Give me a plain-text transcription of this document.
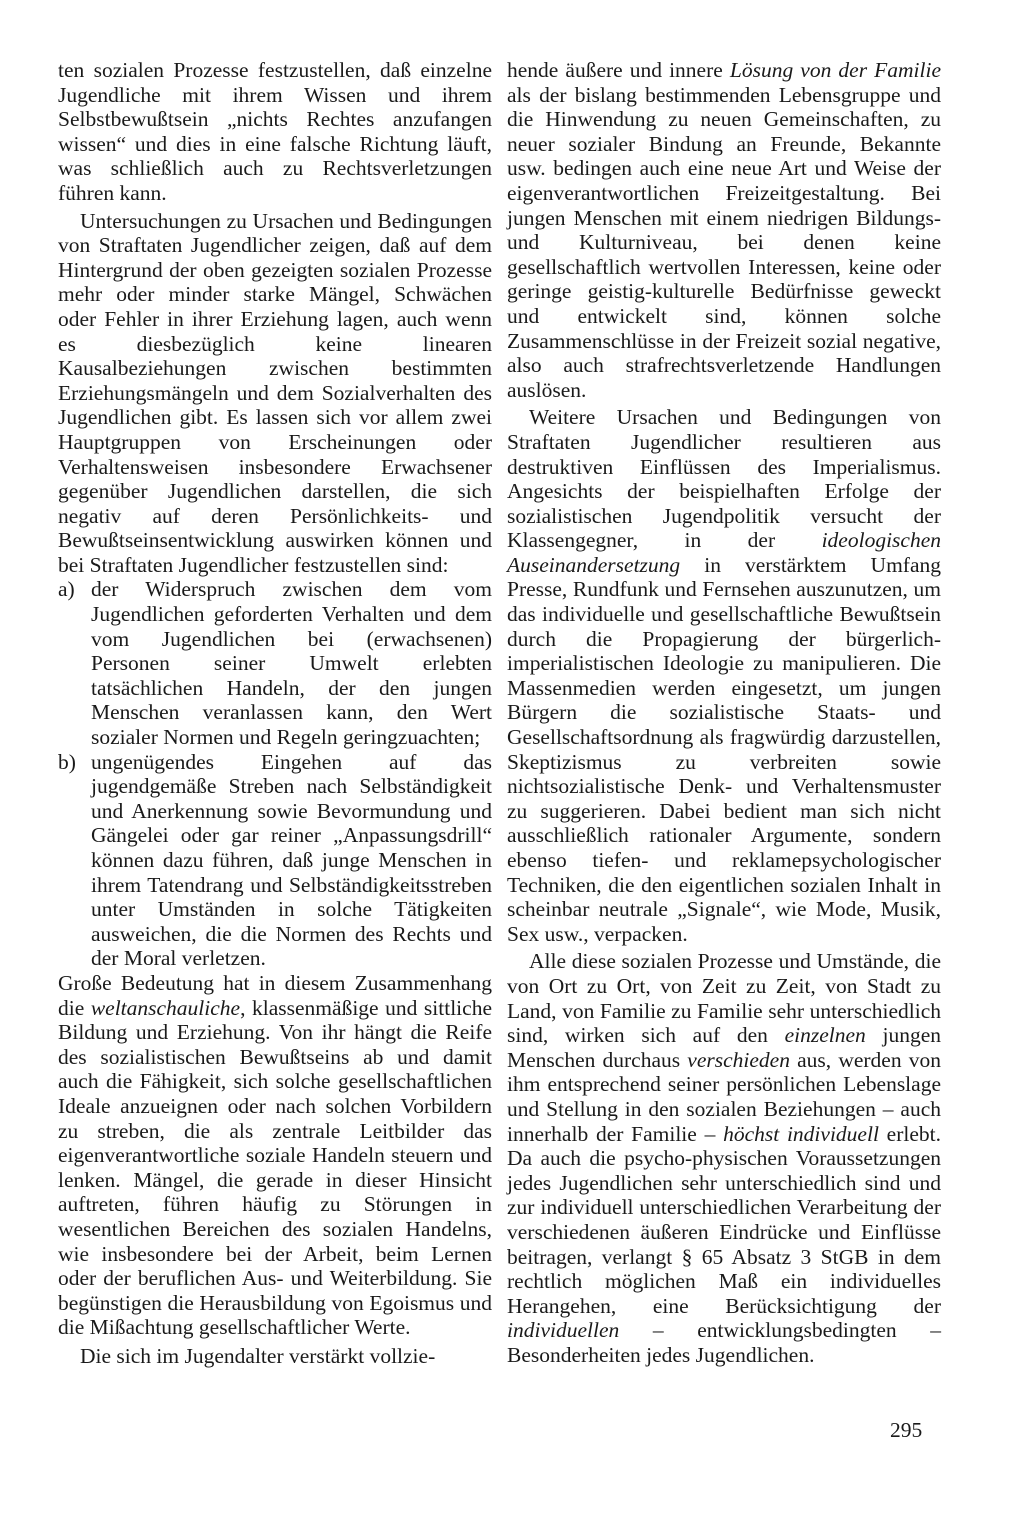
ten sozialen Prozesse festzustellen, daß einzelne Jugendliche mit ihrem Wissen und ihrem Selbstbewußtsein „nichts Rechtes anzufangen wissen“ und dies in eine falsche Richtung läuft, was schließlich auch zu Rechtsverletzungen führen kann.

Untersuchungen zu Ursachen und Bedingungen von Straftaten Jugendlicher zeigen, daß auf dem Hintergrund der oben gezeigten sozialen Prozesse mehr oder minder starke Mängel, Schwächen oder Fehler in ihrer Erziehung lagen, auch wenn es diesbezüglich keine linearen Kausalbeziehungen zwischen bestimmten Erziehungsmängeln und dem Sozialverhalten des Jugendlichen gibt. Es lassen sich vor allem zwei Hauptgruppen von Erscheinungen oder Verhaltensweisen insbesondere Erwachsener gegenüber Jugendlichen darstellen, die sich negativ auf deren Persönlichkeits- und Bewußtseinsentwicklung auswirken können und bei Straftaten Jugendlicher festzustellen sind:

a) der Widerspruch zwischen dem vom Jugendlichen geforderten Verhalten und dem vom Jugendlichen bei (erwachsenen) Personen seiner Umwelt erlebten tatsächlichen Handeln, der den jungen Menschen veranlassen kann, den Wert sozialer Normen und Regeln geringzuachten;
b) ungenügendes Eingehen auf das jugendgemäße Streben nach Selbständigkeit und Anerkennung sowie Bevormundung und Gängelei oder gar reiner „Anpassungsdrill“ können dazu führen, daß junge Menschen in ihrem Tatendrang und Selbständigkeitsstreben unter Umständen in solche Tätigkeiten ausweichen, die die Normen des Rechts und der Moral verletzen.

Große Bedeutung hat in diesem Zusammenhang die weltanschauliche, klassenmäßige und sittliche Bildung und Erziehung. Von ihr hängt die Reife des sozialistischen Bewußtseins ab und damit auch die Fähigkeit, sich solche gesellschaftlichen Ideale anzueignen oder nach solchen Vorbildern zu streben, die als zentrale Leitbilder das eigenverantwortliche soziale Handeln steuern und lenken. Mängel, die gerade in dieser Hinsicht auftreten, führen häufig zu Störungen in wesentlichen Bereichen des sozialen Handelns, wie insbesondere bei der Arbeit, beim Lernen oder der beruflichen Aus- und Weiterbildung. Sie begünstigen die Herausbildung von Egoismus und die Mißachtung gesellschaftlicher Werte.

Die sich im Jugendalter verstärkt vollzie-

hende äußere und innere Lösung von der Familie als der bislang bestimmenden Lebensgruppe und die Hinwendung zu neuen Gemeinschaften, zu neuer sozialer Bindung an Freunde, Bekannte usw. bedingen auch eine neue Art und Weise der eigenverantwortlichen Freizeitgestaltung. Bei jungen Menschen mit einem niedrigen Bildungs- und Kulturniveau, bei denen keine gesellschaftlich wertvollen Interessen, keine oder geringe geistig-kulturelle Bedürfnisse geweckt und entwickelt sind, können solche Zusammenschlüsse in der Freizeit sozial negative, also auch strafrechtsverletzende Handlungen auslösen.

Weitere Ursachen und Bedingungen von Straftaten Jugendlicher resultieren aus destruktiven Einflüssen des Imperialismus. Angesichts der beispielhaften Erfolge der sozialistischen Jugendpolitik versucht der Klassengegner, in der ideologischen Auseinandersetzung in verstärktem Umfang Presse, Rundfunk und Fernsehen auszunutzen, um das individuelle und gesellschaftliche Bewußtsein durch die Propagierung der bürgerlich-imperialistischen Ideologie zu manipulieren. Die Massenmedien werden eingesetzt, um jungen Bürgern die sozialistische Staats- und Gesellschaftsordnung als fragwürdig darzustellen, Skeptizismus zu verbreiten sowie nichtsozialistische Denk- und Verhaltensmuster zu suggerieren. Dabei bedient man sich nicht ausschließlich rationaler Argumente, sondern ebenso tiefen- und reklamepsychologischer Techniken, die den eigentlichen sozialen Inhalt in scheinbar neutrale „Signale“, wie Mode, Musik, Sex usw., verpacken.

Alle diese sozialen Prozesse und Umstände, die von Ort zu Ort, von Zeit zu Zeit, von Stadt zu Land, von Familie zu Familie sehr unterschiedlich sind, wirken sich auf den einzelnen jungen Menschen durchaus verschieden aus, werden von ihm entsprechend seiner persönlichen Lebenslage und Stellung in den sozialen Beziehungen – auch innerhalb der Familie – höchst individuell erlebt. Da auch die psycho-physischen Voraussetzungen jedes Jugendlichen sehr unterschiedlich sind und zur individuell unterschiedlichen Verarbeitung der verschiedenen äußeren Eindrücke und Einflüsse beitragen, verlangt § 65 Absatz 3 StGB in dem rechtlich möglichen Maß ein individuelles Herangehen, eine Berücksichtigung der individuellen – entwicklungsbedingten – Besonderheiten jedes Jugendlichen.

295
